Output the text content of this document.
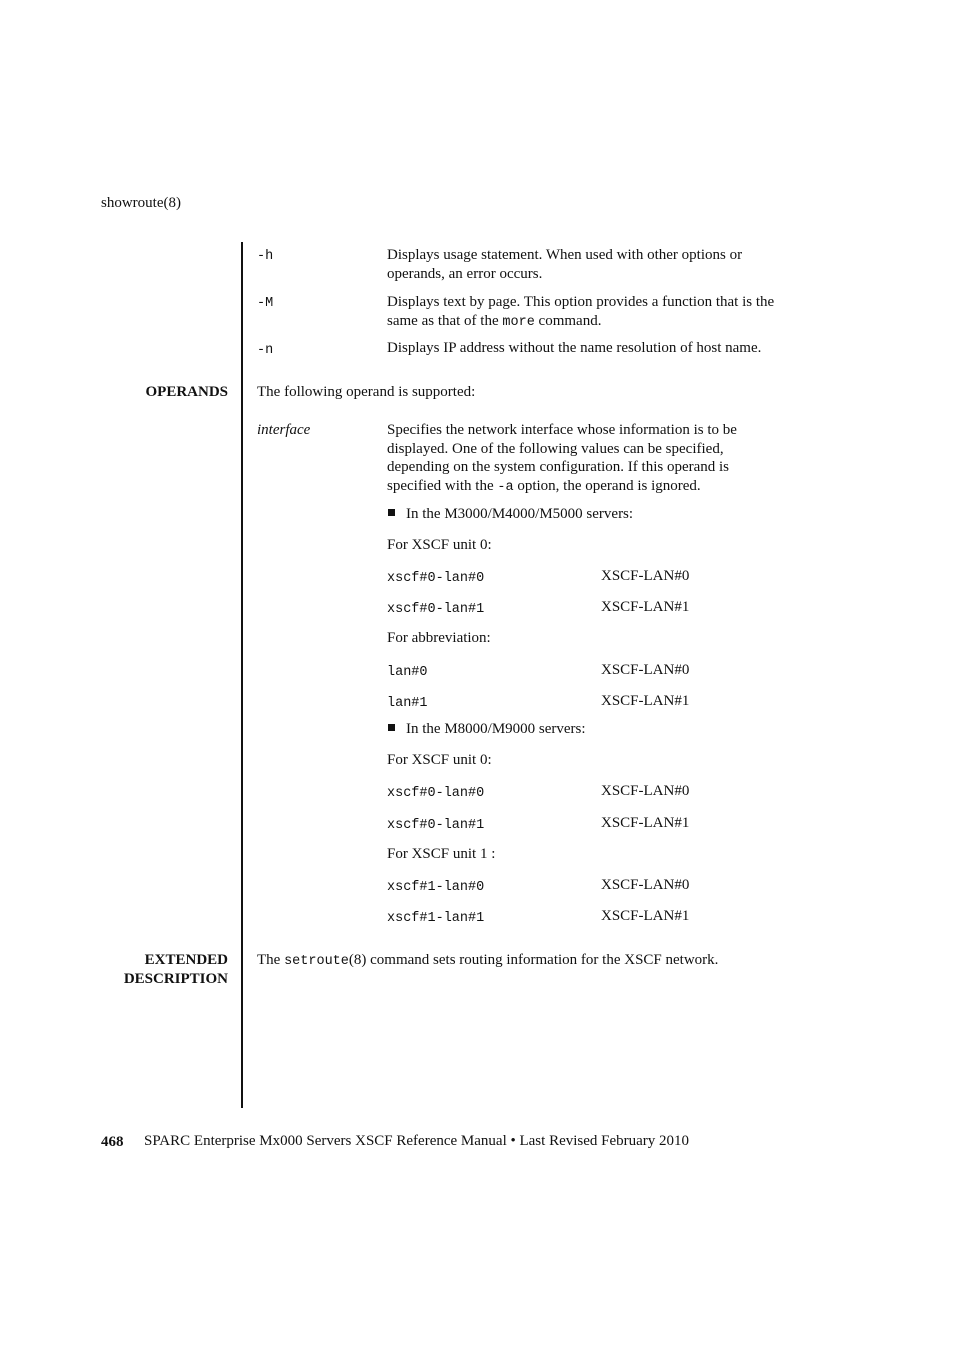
showroute(8)
-h	Displays usage statement. When used with other options or
operands, an error occurs.
-M	Displays text by page. This option provides a function that is the
same as that of the more command.
-n	Displays IP address without the name resolution of host name.
OPERANDS The following operand is supported:
interface	Specifies the network interface whose information is to be
displayed. One of the following values can be specified,
depending on the system configuration. If this operand is
specified with the -a option, the operand is ignored.
In the M3000/M4000/M5000 servers:
For XSCF unit 0:
xscf#0-lan#0	XSCF-LAN#0
xscf#0-lan#1	XSCF-LAN#1
For abbreviation:
lan#0	XSCF-LAN#0
lan#1	XSCF-LAN#1
In the M8000/M9000 servers:
For XSCF unit 0:
xscf#0-lan#0	XSCF-LAN#0
xscf#0-lan#1	XSCF-LAN#1
For XSCF unit 1 :
xscf#1-lan#0	XSCF-LAN#0
xscf#1-lan#1	XSCF-LAN#1
EXTENDED
DESCRIPTION
The setroute(8) command sets routing information for the XSCF network.
468 SPARC Enterprise Mx000 Servers XSCF Reference Manual • Last Revised February 2010
